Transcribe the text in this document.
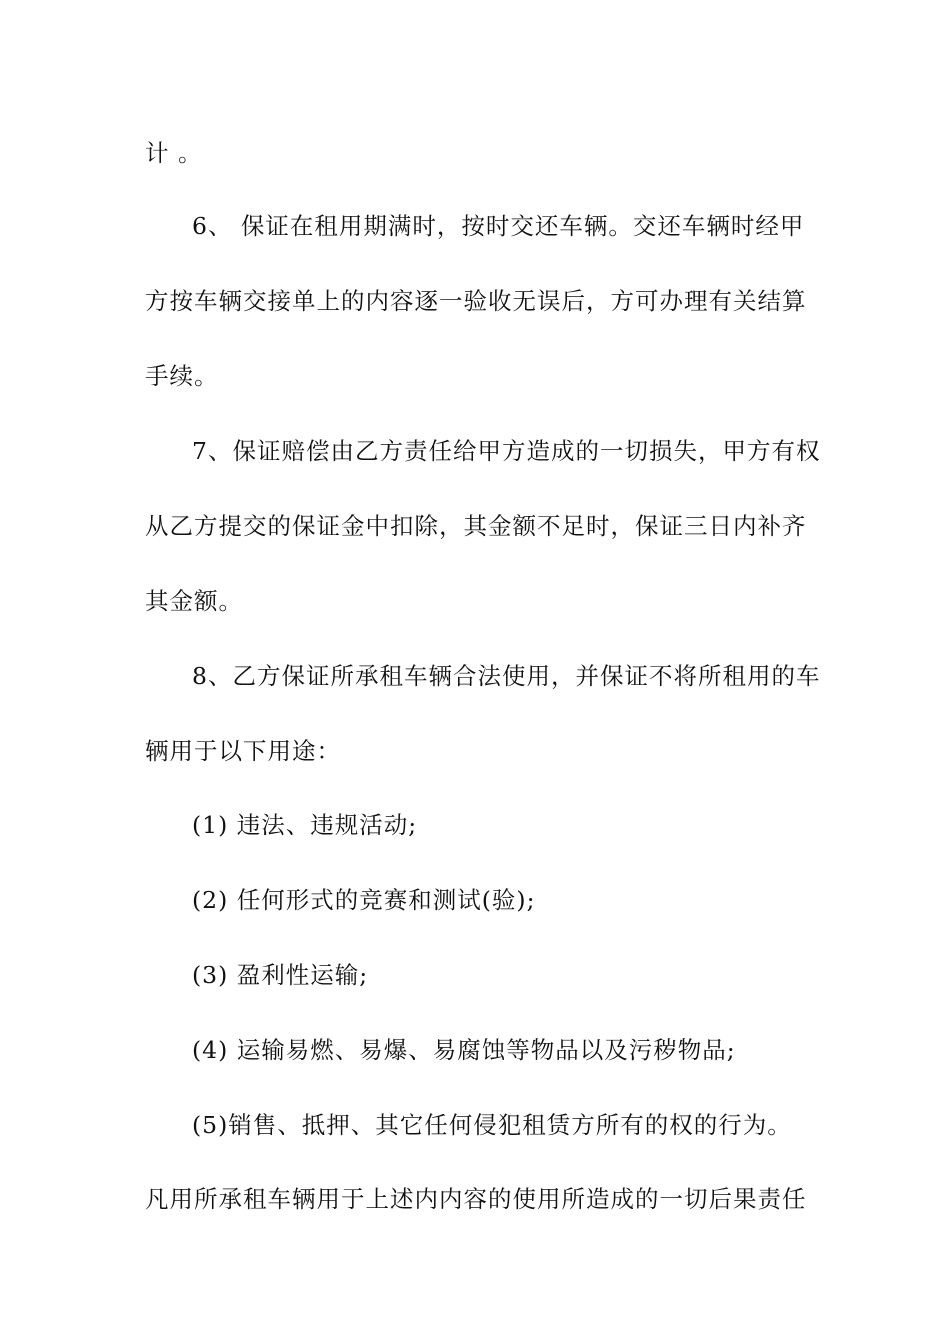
计 。
6、 保证在租用期满时，按时交还车辆。交还车辆时经甲
方按车辆交接单上的内容逐一验收无误后，方可办理有关结算
手续。
7、保证赔偿由乙方责任给甲方造成的一切损失，甲方有权
从乙方提交的保证金中扣除，其金额不足时，保证三日内补齐
其金额。
8、乙方保证所承租车辆合法使用，并保证不将所租用的车
辆用于以下用途：
(1) 违法、违规活动;
(2) 任何形式的竞赛和测试(验);
(3) 盈利性运输;
(4) 运输易燃、易爆、易腐蚀等物品以及污秽物品;
(5)销售、抵押、其它任何侵犯租赁方所有的权的行为。
凡用所承租车辆用于上述内内容的使用所造成的一切后果责任
